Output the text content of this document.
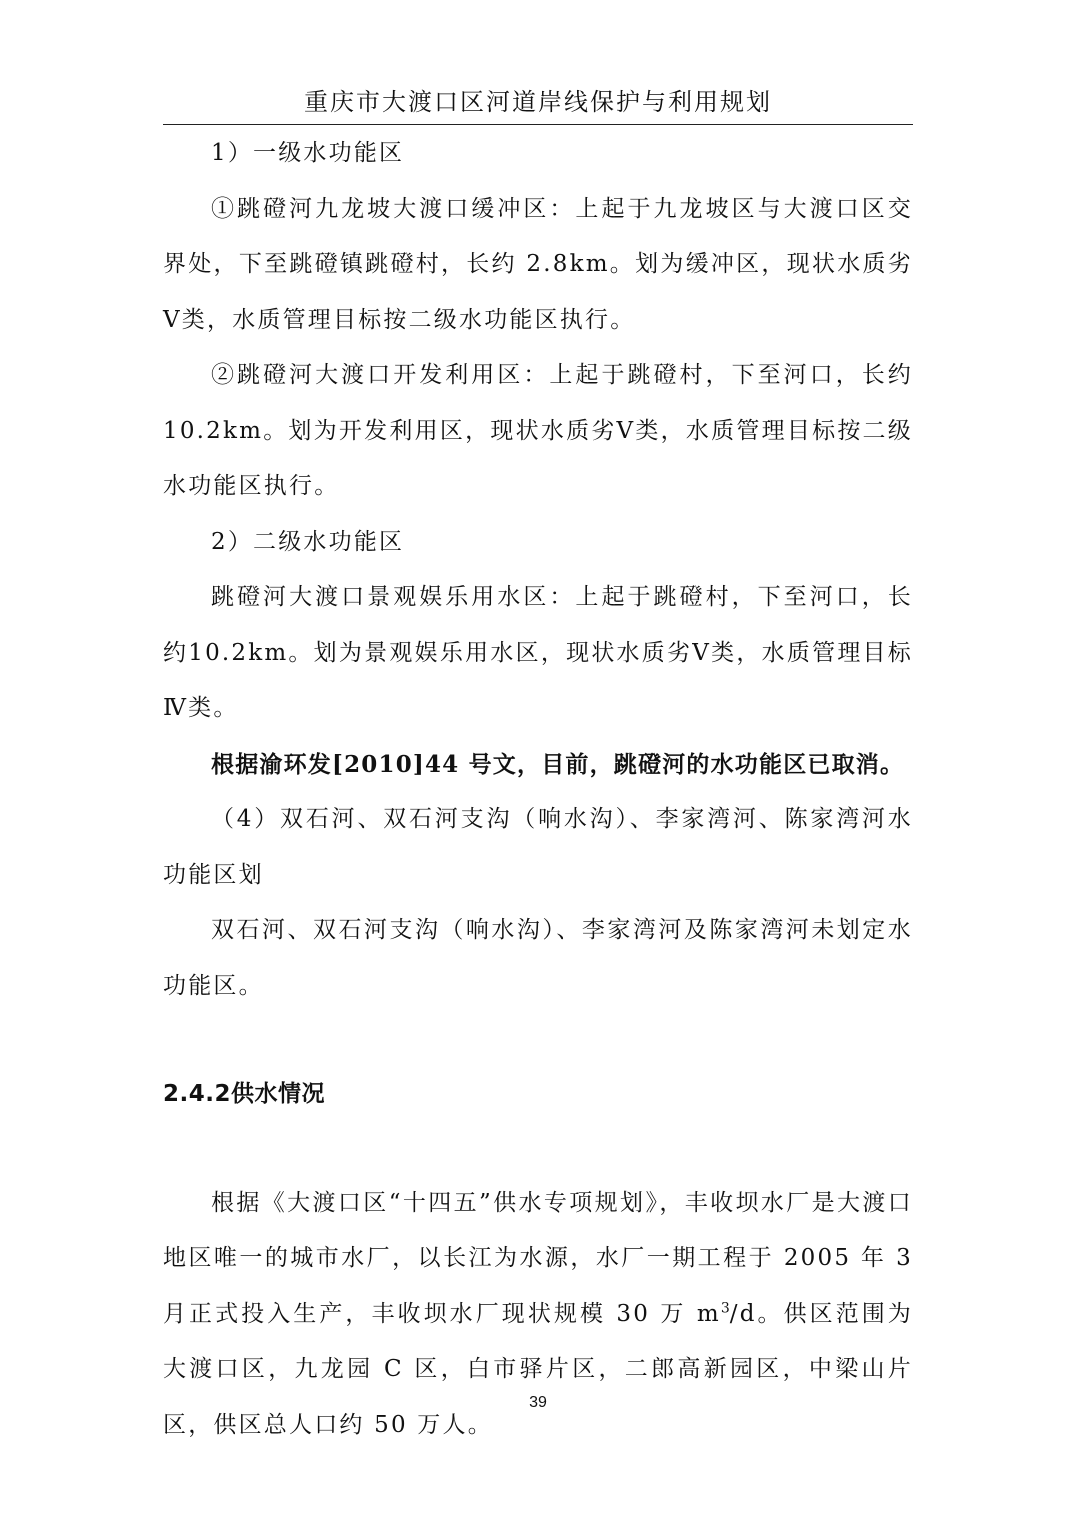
重庆市大渡口区河道岸线保护与利用规划

1）一级水功能区

①跳磴河九龙坡大渡口缓冲区：上起于九龙坡区与大渡口区交界处，下至跳磴镇跳磴村，长约 2.8km。划为缓冲区，现状水质劣Ⅴ类，水质管理目标按二级水功能区执行。

②跳磴河大渡口开发利用区：上起于跳磴村，下至河口，长约10.2km。划为开发利用区，现状水质劣Ⅴ类，水质管理目标按二级水功能区执行。

2）二级水功能区

跳磴河大渡口景观娱乐用水区：上起于跳磴村，下至河口，长约10.2km。划为景观娱乐用水区，现状水质劣Ⅴ类，水质管理目标Ⅳ类。

根据渝环发[2010]44 号文，目前，跳磴河的水功能区已取消。

（4）双石河、双石河支沟（响水沟）、李家湾河、陈家湾河水功能区划

双石河、双石河支沟（响水沟）、李家湾河及陈家湾河未划定水功能区。

2.4.2供水情况

根据《大渡口区“十四五”供水专项规划》，丰收坝水厂是大渡口地区唯一的城市水厂，以长江为水源，水厂一期工程于 2005 年 3 月正式投入生产，丰收坝水厂现状规模 30 万 $m^3/d$。供区范围为大渡口区，九龙园 C 区，白市驿片区，二郎高新园区，中梁山片区，供区总人口约 50 万人。

39
